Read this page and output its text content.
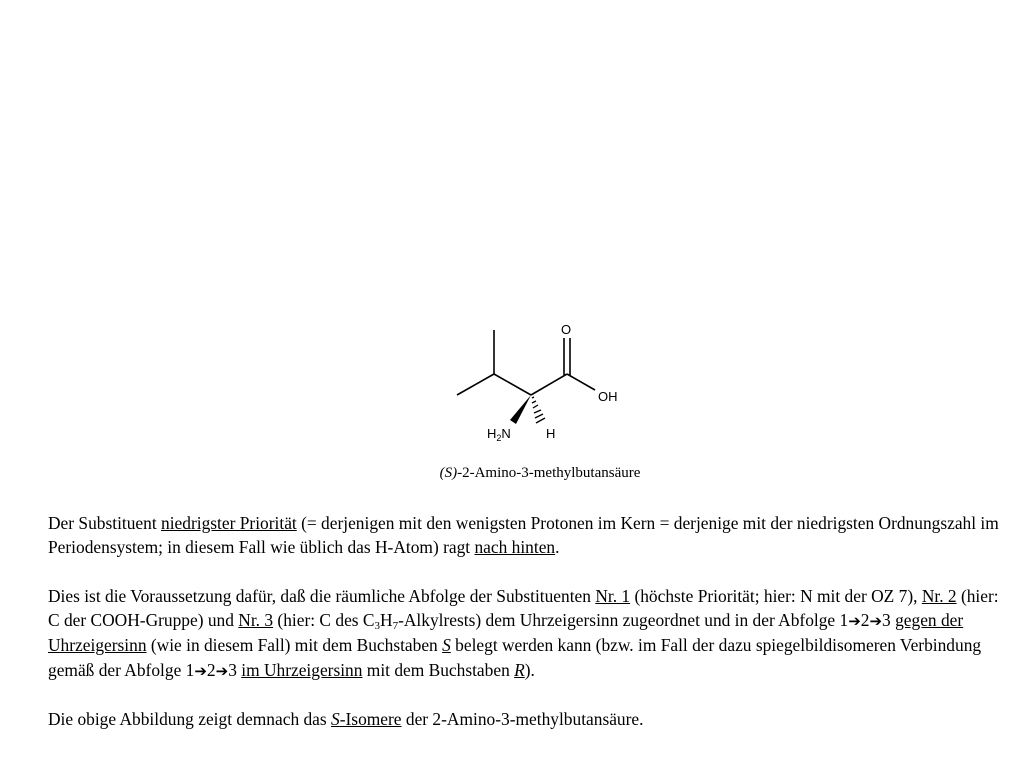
O
OH
$H_2N$	H
(S)-2-Amino-3-methylbutansäure

Der Substituent niedrigster Priorität (= derjenigen mit den wenigsten Protonen im Kern = derjenige mit der niedrigsten Ordnungszahl im Periodensystem; in diesem Fall wie üblich das H-Atom) ragt nach hinten.

Dies ist die Voraussetzung dafür, daß die räumliche Abfolge der Substituenten Nr. 1 (höchste Priorität; hier: N mit der OZ 7), Nr. 2 (hier: C der COOH-Gruppe) und Nr. 3 (hier: C des $C_3H_7-Alkylrests$) dem Uhrzeigersinn zugeordnet und in der Abfolge 1➔2➔3 gegen der Uhrzeigersinn (wie in diesem Fall) mit dem Buchstaben S belegt werden kann (bzw. im Fall der dazu spiegelbildisomeren Verbindung gemäß der Abfolge 1➔2➔3 im Uhrzeigersinn mit dem Buchstaben R).

Die obige Abbildung zeigt demnach das S-Isomere der 2-Amino-3-methylbutansäure.
